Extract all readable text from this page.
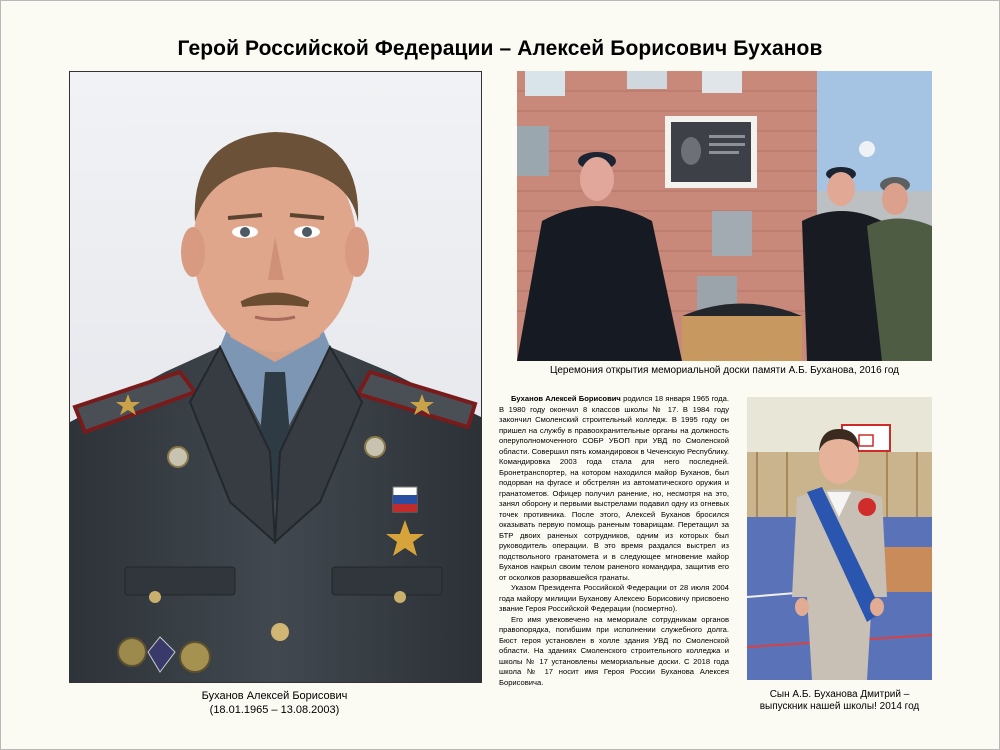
Герой Российской Федерации – Алексей Борисович Буханов
Буханов Алексей Борисович
(18.01.1965 – 13.08.2003)
Церемония открытия мемориальной доски памяти А.Б. Буханова, 2016 год

Буханов Алексей Борисович родился 18 января 1965 года. В 1980 году окончил 8 классов школы № 17. В 1984 году закончил Смоленский строительный колледж. В 1995 году он пришел на службу в правоохранительные органы на должность оперуполномоченного СОБР УБОП при УВД по Смоленской области. Совершил пять командировок в Чеченскую Республику. Командировка 2003 года стала для него последней. Бронетранспортер, на котором находился майор Буханов, был подорван на фугасе и обстрелян из автоматического оружия и гранатометов. Офицер получил ранение, но, несмотря на это, занял оборону и первыми выстрелами подавил одну из огневых точек противника. После этого, Алексей Буханов бросился оказывать первую помощь раненым товарищам. Перетащил за БТР двоих раненых сотрудников, одним из которых был руководитель операции. В это время раздался выстрел из подствольного гранатомета и в следующее мгновение майор Буханов накрыл своим телом раненого командира, защитив его от осколков разорвавшейся гранаты.

Указом Президента Российской Федерации от 28 июля 2004 года майору милиции Буханову Алексею Борисовичу присвоено звание Героя Российской Федерации (посмертно).

Его имя увековечено на мемориале сотрудникам органов правопорядка, погибшим при исполнении служебного долга. Бюст героя установлен в холле здания УВД по Смоленской области. На зданиях Смоленского строительного колледжа и школы № 17 установлены мемориальные доски. С 2018 года школа № 17 носит имя Героя России Буханова Алексея Борисовича.

Сын А.Б. Буханова Дмитрий –
выпускник нашей школы! 2014 год
